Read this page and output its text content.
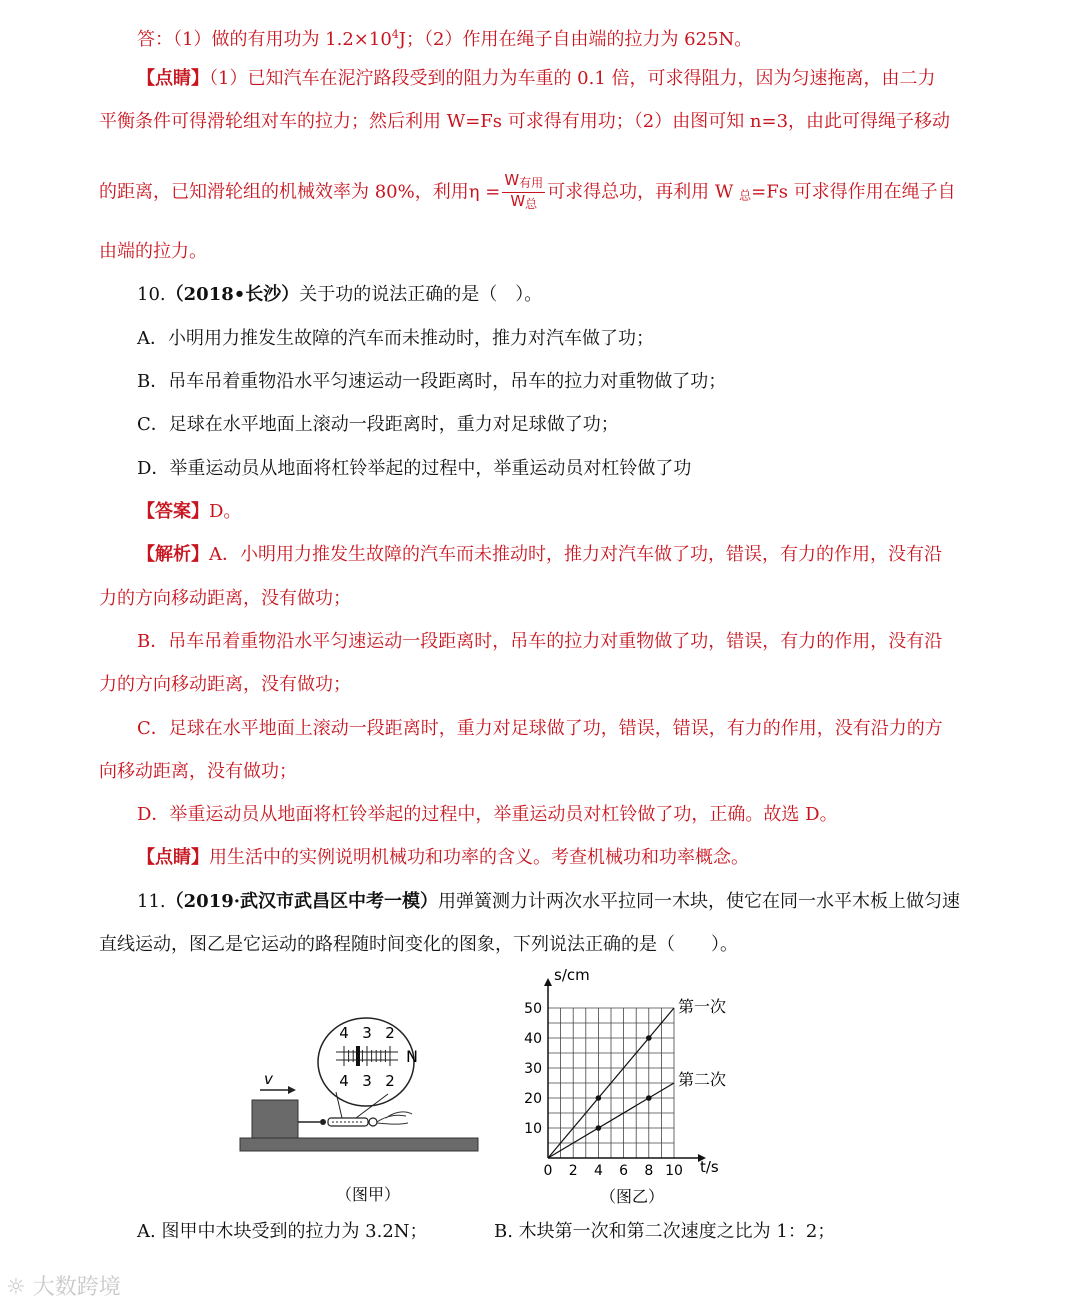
答：（1）做的有用功为 $1.2\times 10^4J$；（2）作用在绳子自由端的拉力为 625N。
【点睛】（1）已知汽车在泥泞路段受到的阻力为车重的 0.1 倍，可求得阻力，因为匀速拖离，由二力
平衡条件可得滑轮组对车的拉力；然后利用 W=Fs 可求得有用功；（2）由图可知 n=3，由此可得绳子移动
的距离，已知滑轮组的机械效率为 80%，利用$\eta = \frac{\text{W有用}}{\text{W总}}$ 可求得总功，再利用 W 总=Fs 可求得作用在绳子自
由端的拉力。
10.（2018•长沙）关于功的说法正确的是（　）。
A．小明用力推发生故障的汽车而未推动时，推力对汽车做了功；
B．吊车吊着重物沿水平匀速运动一段距离时，吊车的拉力对重物做了功；
C．足球在水平地面上滚动一段距离时，重力对足球做了功；
D．举重运动员从地面将杠铃举起的过程中，举重运动员对杠铃做了功
【答案】D。
【解析】A．小明用力推发生故障的汽车而未推动时，推力对汽车做了功，错误，有力的作用，没有沿
力的方向移动距离，没有做功；
B．吊车吊着重物沿水平匀速运动一段距离时，吊车的拉力对重物做了功，错误，有力的作用，没有沿
力的方向移动距离，没有做功；
C．足球在水平地面上滚动一段距离时，重力对足球做了功，错误，错误，有力的作用，没有沿力的方
向移动距离，没有做功；
D．举重运动员从地面将杠铃举起的过程中，举重运动员对杠铃做了功，正确。故选 D。
【点睛】用生活中的实例说明机械功和功率的含义。考查机械功和功率概念。
11.（2019·武汉市武昌区中考一模）用弹簧测力计两次水平拉同一木块，使它在同一水平木板上做匀速
直线运动，图乙是它运动的路程随时间变化的图象，下列说法正确的是（　　）。
4 3 2
N
4 3 2
v
（图甲）
t/s
s/cm
0 2 4 6 8 10
10
20
30
40
50	第一次
第二次
（图乙）
A. 图甲中木块受到的拉力为 3.2N；	B. 木块第一次和第二次速度之比为 1：2；
☼ 大数跨境
